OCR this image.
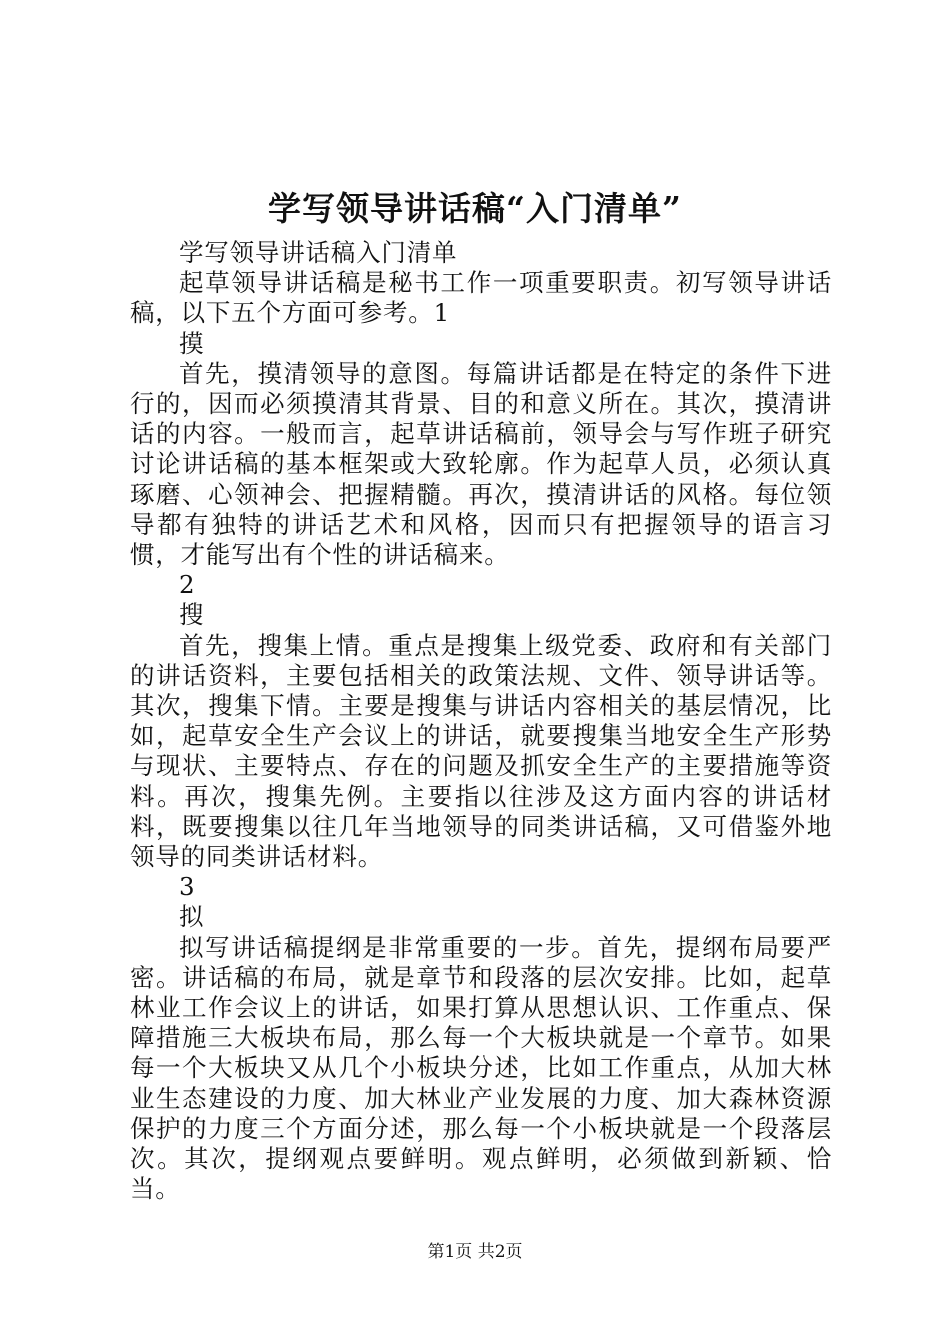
学写领导讲话稿“入门清单”

学写领导讲话稿入门清单

起草领导讲话稿是秘书工作一项重要职责。初写领导讲话稿，以下五个方面可参考。1

摸

首先，摸清领导的意图。每篇讲话都是在特定的条件下进行的，因而必须摸清其背景、目的和意义所在。其次，摸清讲话的内容。一般而言，起草讲话稿前，领导会与写作班子研究讨论讲话稿的基本框架或大致轮廓。作为起草人员，必须认真琢磨、心领神会、把握精髓。再次，摸清讲话的风格。每位领导都有独特的讲话艺术和风格，因而只有把握领导的语言习惯，才能写出有个性的讲话稿来。

2

搜

首先，搜集上情。重点是搜集上级党委、政府和有关部门的讲话资料，主要包括相关的政策法规、文件、领导讲话等。其次，搜集下情。主要是搜集与讲话内容相关的基层情况，比如，起草安全生产会议上的讲话，就要搜集当地安全生产形势与现状、主要特点、存在的问题及抓安全生产的主要措施等资料。再次，搜集先例。主要指以往涉及这方面内容的讲话材料，既要搜集以往几年当地领导的同类讲话稿，又可借鉴外地领导的同类讲话材料。

3

拟

拟写讲话稿提纲是非常重要的一步。首先，提纲布局要严密。讲话稿的布局，就是章节和段落的层次安排。比如，起草林业工作会议上的讲话，如果打算从思想认识、工作重点、保障措施三大板块布局，那么每一个大板块就是一个章节。如果每一个大板块又从几个小板块分述，比如工作重点，从加大林业生态建设的力度、加大林业产业发展的力度、加大森林资源保护的力度三个方面分述，那么每一个小板块就是一个段落层次。其次，提纲观点要鲜明。观点鲜明，必须做到新颖、恰当。

第1页 共2页
